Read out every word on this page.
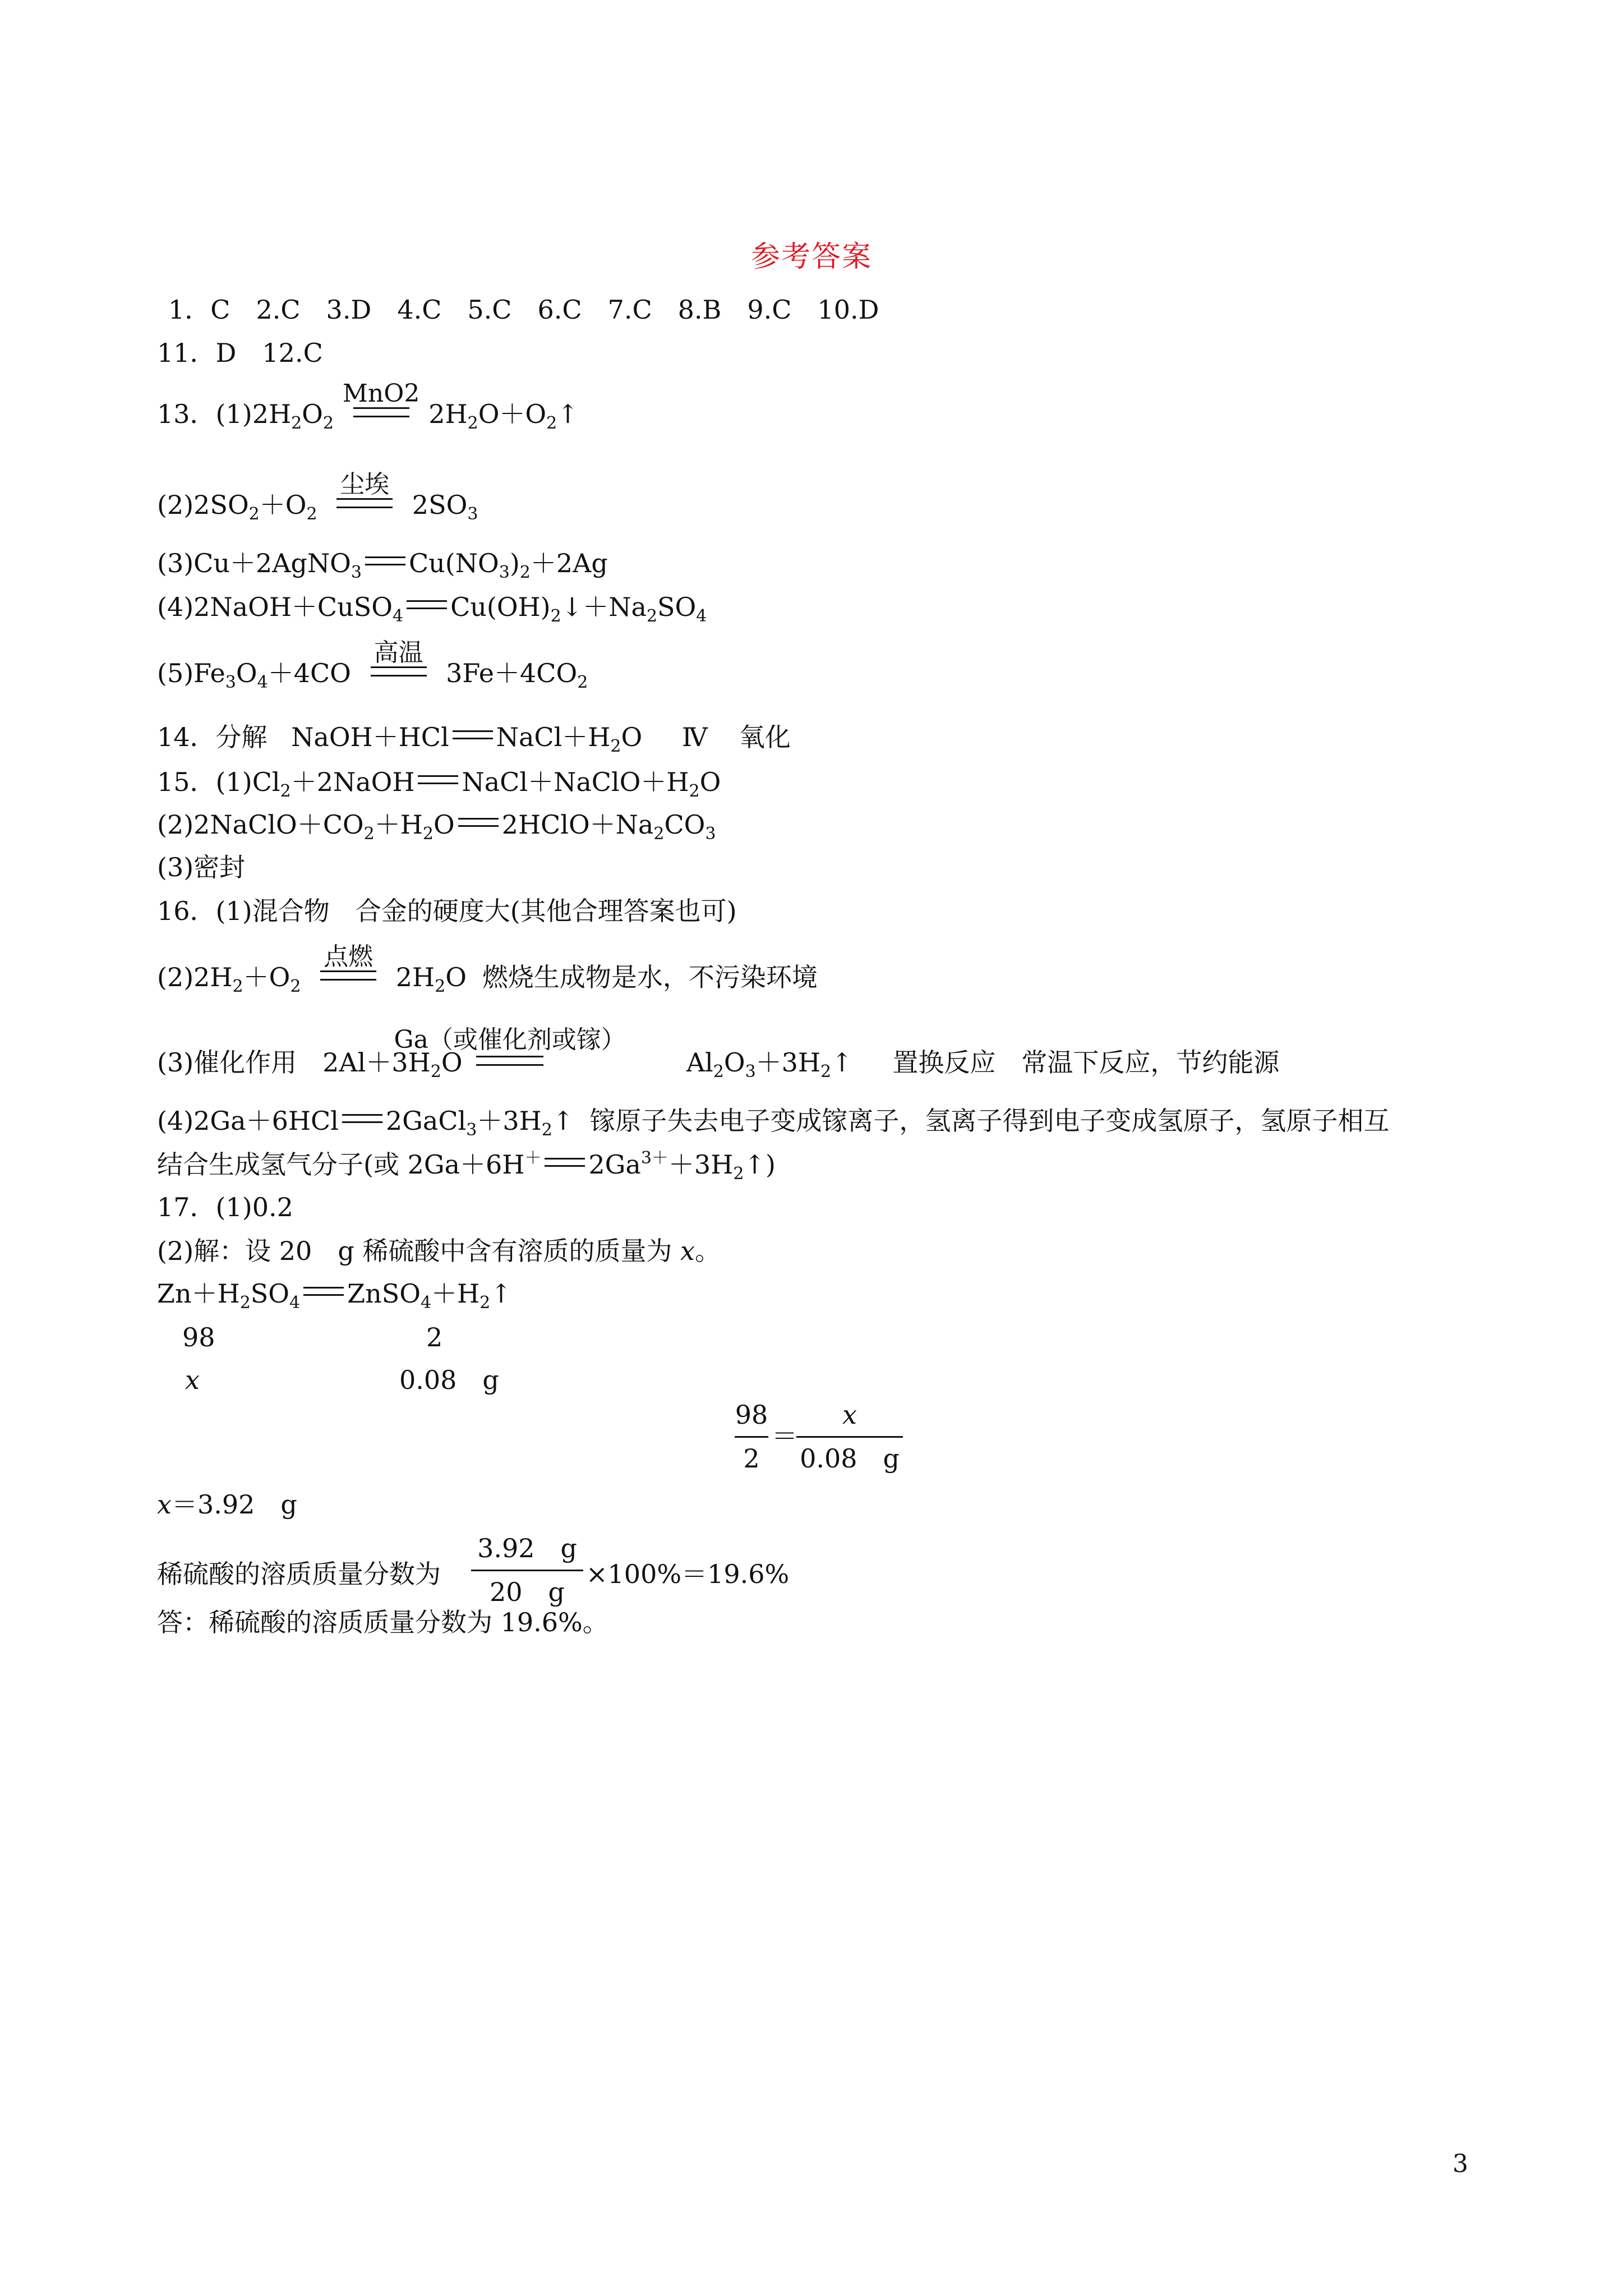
参考答案
1．C　2.C　3.D　4.C　5.C　6.C　7.C　8.B　9.C　10.D
11．D　12.C
13．$(1)2H_2O_2$
MnO2
$2H_2O+O_2↑$
$(2)2SO_2+O_2$
尘埃
$2SO_3$
(3)Cu＋2AgNO$_3$ $Cu(NO_3)_2+2Ag$
(4)2NaOH＋CuSO$_4$ $Cu(OH)_2↓+Na_2SO_4$
$(5)Fe_3O_4+4CO$
高温
$3Fe+4CO_2$
14．分解 NaOH＋HCl $NaCl+H_2O$ Ⅳ 氧化
15．$(1)Cl_2+2NaOH$ $NaCl+NaClO+H_2O$
$(2)2NaClO+CO_2+H_2O$ $2HClO+Na_2CO_3$
(3)密封
16．(1)混合物　合金的硬度大(其他合理答案也可)
$(2)2H_2+O_2$
点燃
$2H_2O$ 燃烧生成物是水，不污染环境
(3)催化作用　$2Al+3H_2O$
Ga（或催化剂或镓）
$Al_2O_3+3H_2↑$ 置换反应　常温下反应，节约能源
(4)2Ga＋6HCl $2GaCl_3+3H_2↑$ 镓原子失去电子变成镓离子，氢离子得到电子变成氢原子，氢原子相互
结合生成氢气分子(或 2Ga＋6H＋ $2Ga^{3+}+3H_2↑$)
17．(1)0.2
(2)解：设 20　g 稀硫酸中含有溶质的质量为 x。
$Zn+H_2SO_4$ $ZnSO_4+H_2↑$
98	2
x	0.08　g
98
2
＝
x
0.08　g
x＝3.92　g
稀硫酸的溶质质量分数为
3.92　g
20　g
×100%＝19.6%
答：稀硫酸的溶质质量分数为 19.6%。
3
